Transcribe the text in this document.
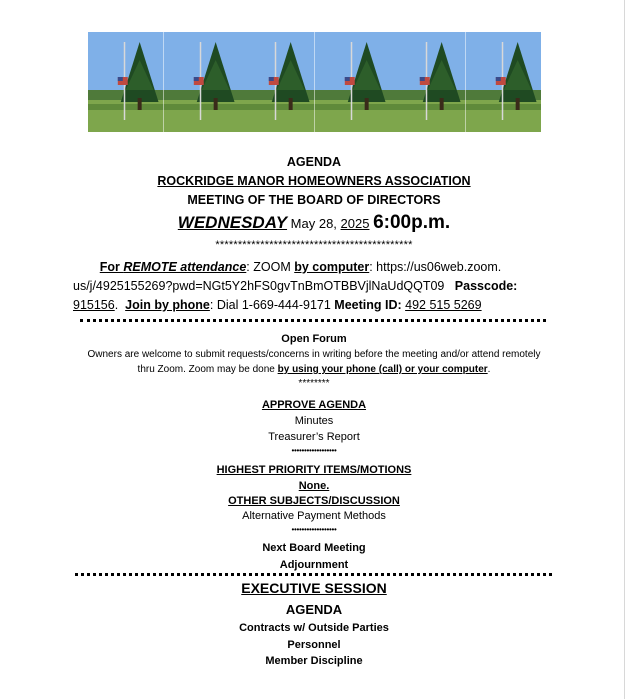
AGENDA
ROCKRIDGE MANOR HOMEOWNERS ASSOCIATION
MEETING OF THE BOARD OF DIRECTORS
WEDNESDAY May 28, 2025 6:00p.m.
********************************************
For REMOTE attendance: ZOOM by computer: https://us06web.zoom.
us/j/4925155269?pwd=NGt5Y2hFS0gvTnBmOTBBVjlNaUdQQT09 Passcode:
915156. Join by phone: Dial 1-669-444-9171 Meeting ID: 492 515 5269
Open Forum
Owners are welcome to submit requests/concerns in writing before the meeting and/or attend remotely
thru Zoom. Zoom may be done by using your phone (call) or your computer.
********
APPROVE AGENDA
Minutes
Treasurer’s Report
••••••••••••••••••
HIGHEST PRIORITY ITEMS/MOTIONS
None.
OTHER SUBJECTS/DISCUSSION
Alternative Payment Methods
••••••••••••••••••
Next Board Meeting
Adjournment
EXECUTIVE SESSION
AGENDA
Contracts w/ Outside Parties
Personnel
Member Discipline
